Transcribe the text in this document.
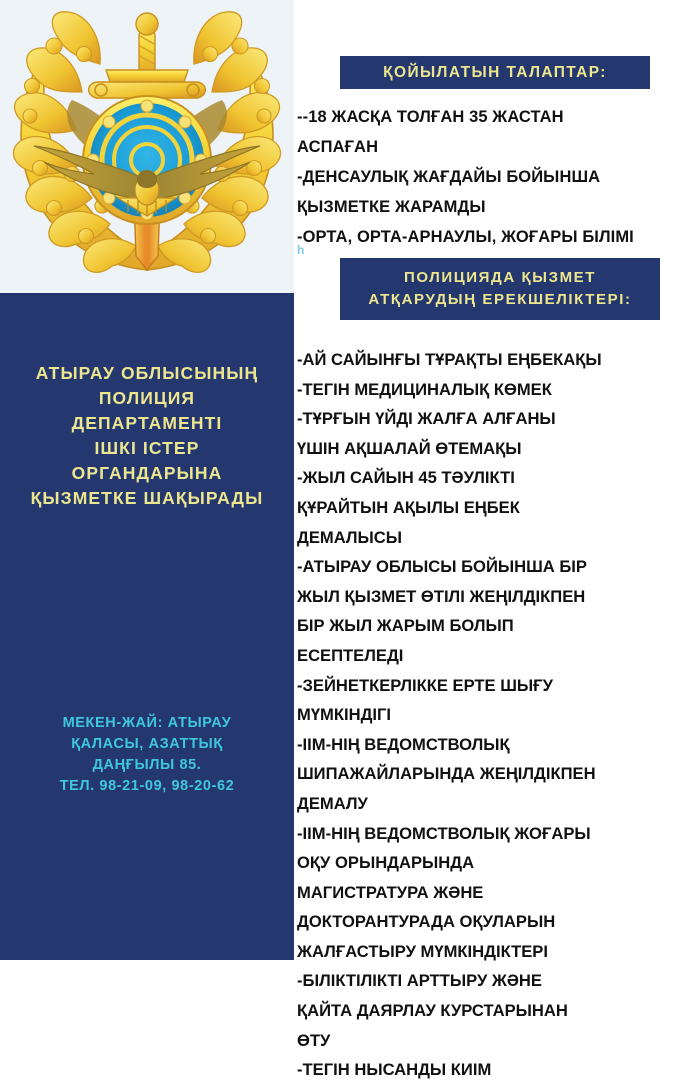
АТЫРАУ ОБЛЫСЫНЫҢ
ПОЛИЦИЯ
ДЕПАРТАМЕНТІ
ІШКІ ІСТЕР
ОРГАНДАРЫНА
ҚЫЗМЕТКЕ ШАҚЫРАДЫ
МЕКЕН-ЖАЙ: АТЫРАУ
ҚАЛАСЫ, АЗАТТЫҚ
ДАҢҒЫЛЫ 85.
ТЕЛ. 98-21-09, 98-20-62
ҚОЙЫЛАТЫН ТАЛАПТАР:
--18 ЖАСҚА ТОЛҒАН 35 ЖАСТАН
АСПАҒАН
-ДЕНСАУЛЫҚ ЖАҒДАЙЫ БОЙЫНША
ҚЫЗМЕТКЕ ЖАРАМДЫ
-ОРТА, ОРТА-АРНАУЛЫ, ЖОҒАРЫ БІЛІМІ
h
ПОЛИЦИЯДА ҚЫЗМЕТ
АТҚАРУДЫҢ ЕРЕКШЕЛІКТЕРІ:
-АЙ САЙЫНҒЫ ТҰРАҚТЫ ЕҢБЕКАҚЫ
-ТЕГІН МЕДИЦИНАЛЫҚ КӨМЕК
-ТҰРҒЫН ҮЙДІ ЖАЛҒА АЛҒАНЫ
ҮШІН АҚШАЛАЙ ӨТЕМАҚЫ
-ЖЫЛ САЙЫН 45 ТӘУЛІКТІ
ҚҰРАЙТЫН АҚЫЛЫ ЕҢБЕК
ДЕМАЛЫСЫ
-АТЫРАУ ОБЛЫСЫ БОЙЫНША БІР
ЖЫЛ ҚЫЗМЕТ ӨТІЛІ ЖЕҢІЛДІКПЕН
БІР ЖЫЛ ЖАРЫМ БОЛЫП
ЕСЕПТЕЛЕДІ
-ЗЕЙНЕТКЕРЛІККЕ ЕРТЕ ШЫҒУ
МҮМКІНДІГІ
-ІІМ-НІҢ ВЕДОМСТВОЛЫҚ
ШИПАЖАЙЛАРЫНДА ЖЕҢІЛДІКПЕН
ДЕМАЛУ
-ІІМ-НІҢ ВЕДОМСТВОЛЫҚ ЖОҒАРЫ
ОҚУ ОРЫНДАРЫНДА
МАГИСТРАТУРА ЖӘНЕ
ДОКТОРАНТУРАДА ОҚУЛАРЫН
ЖАЛҒАСТЫРУ МҮМКІНДІКТЕРІ
-БІЛІКТІЛІКТІ АРТТЫРУ ЖӘНЕ
ҚАЙТА ДАЯРЛАУ КУРСТАРЫНАН
ӨТУ
-ТЕГІН НЫСАНДЫ КИІМ
